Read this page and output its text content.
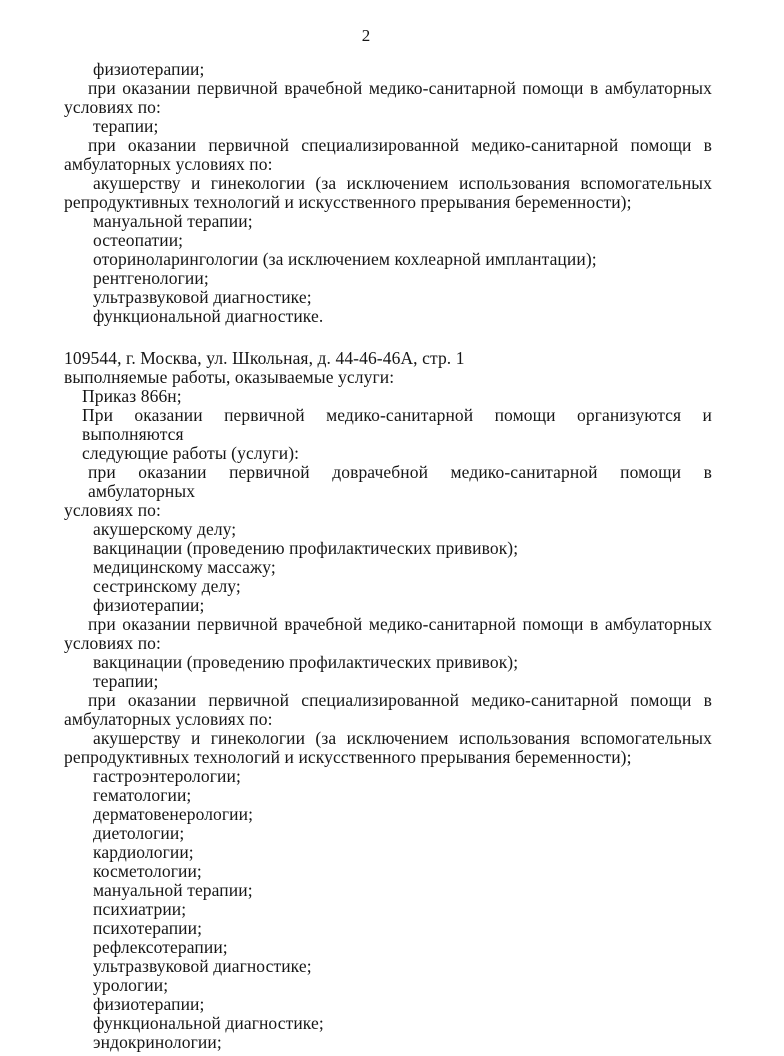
2
физиотерапии;
при оказании первичной врачебной медико-санитарной помощи в амбулаторных
условиях по:
терапии;
при оказании первичной специализированной медико-санитарной помощи в
амбулаторных условиях по:
акушерству и гинекологии (за исключением использования вспомогательных
репродуктивных технологий и искусственного прерывания беременности);
мануальной терапии;
остеопатии;
оториноларингологии (за исключением кохлеарной имплантации);
рентгенологии;
ультразвуковой диагностике;
функциональной диагностике.
109544, г. Москва, ул. Школьная, д. 44-46-46А, стр. 1
выполняемые работы, оказываемые услуги:
Приказ 866н;
При оказании первичной медико-санитарной помощи организуются и выполняются
следующие работы (услуги):
при оказании первичной доврачебной медико-санитарной помощи в амбулаторных
условиях по:
акушерскому делу;
вакцинации (проведению профилактических прививок);
медицинскому массажу;
сестринскому делу;
физиотерапии;
при оказании первичной врачебной медико-санитарной помощи в амбулаторных
условиях по:
вакцинации (проведению профилактических прививок);
терапии;
при оказании первичной специализированной медико-санитарной помощи в
амбулаторных условиях по:
акушерству и гинекологии (за исключением использования вспомогательных
репродуктивных технологий и искусственного прерывания беременности);
гастроэнтерологии;
гематологии;
дерматовенерологии;
диетологии;
кардиологии;
косметологии;
мануальной терапии;
психиатрии;
психотерапии;
рефлексотерапии;
ультразвуковой диагностике;
урологии;
физиотерапии;
функциональной диагностике;
эндокринологии;
